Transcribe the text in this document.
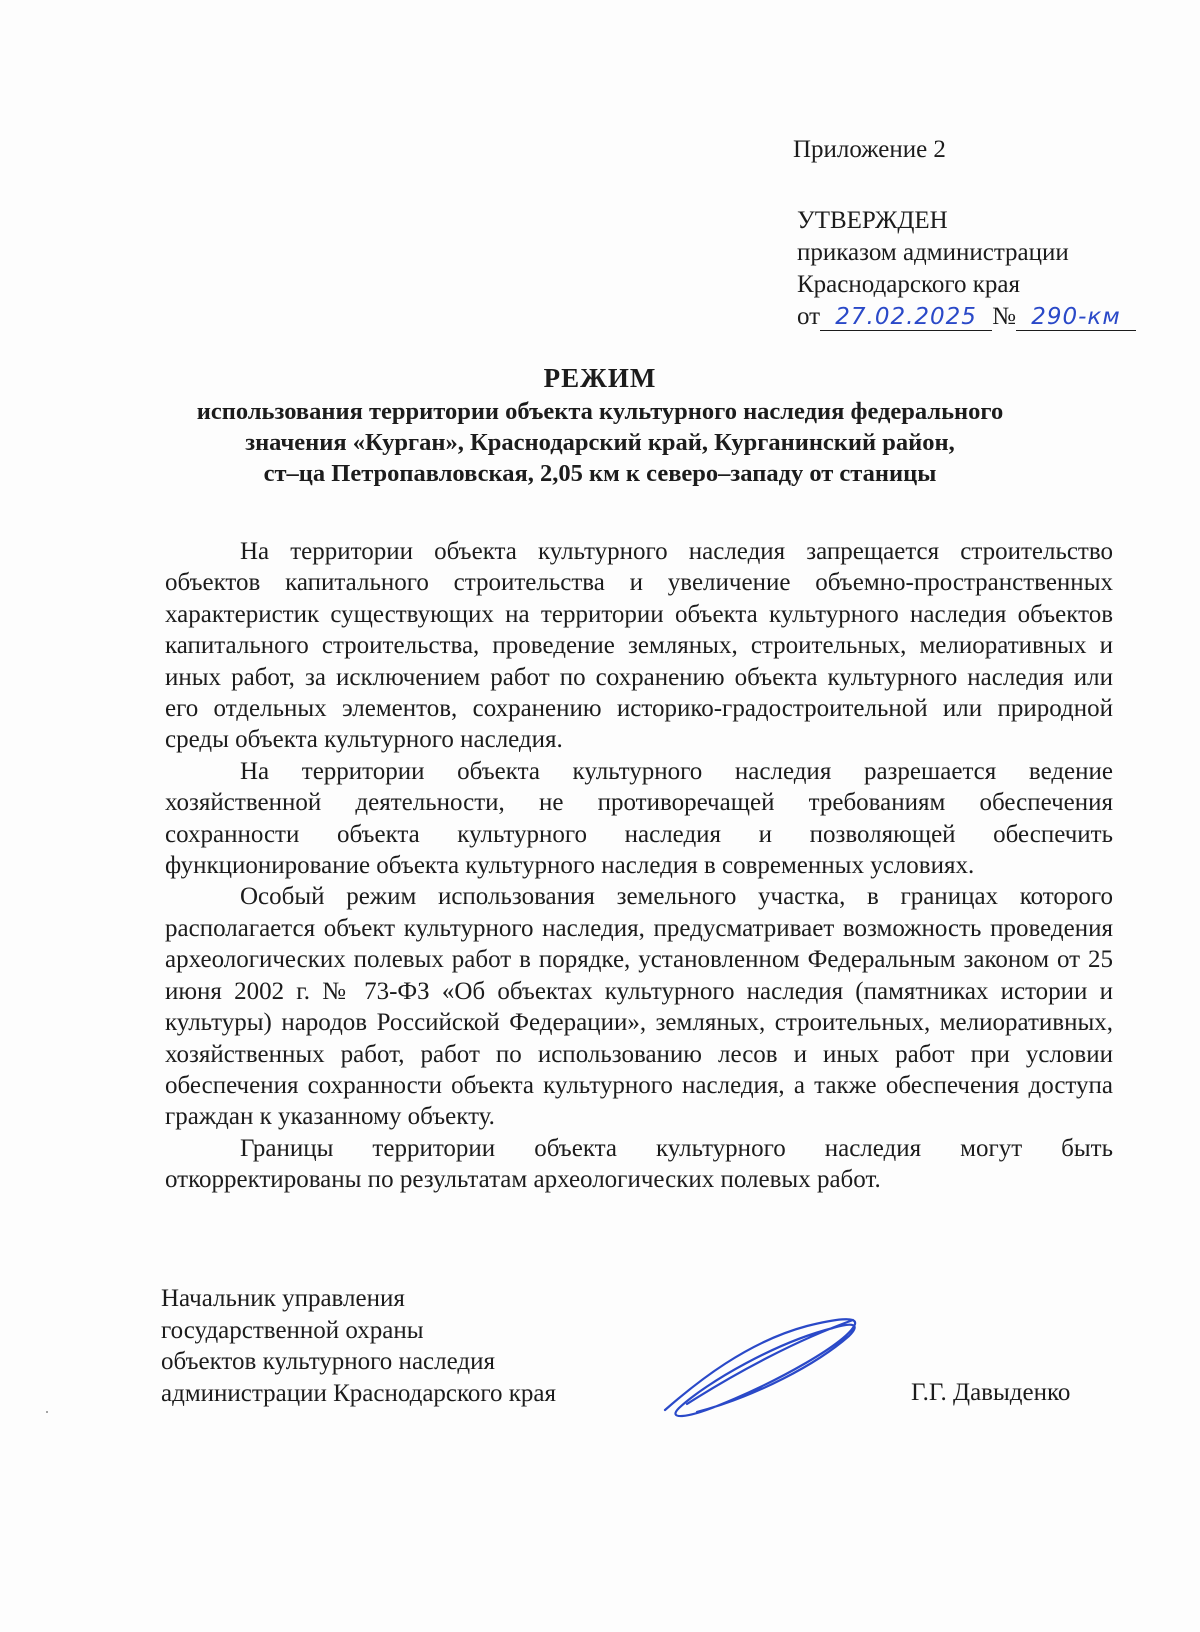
Приложение 2
УТВЕРЖДЕН
приказом администрации
Краснодарского края
от 27.02.2025 № 290-км
РЕЖИМ
использования территории объекта культурного наследия федерального
значения «Курган», Краснодарский край, Курганинский район,
ст–ца Петропавловская, 2,05 км к северо–западу от станицы

На территории объекта культурного наследия запрещается строительство объектов капитального строительства и увеличение объемно-пространственных характеристик существующих на территории объекта культурного наследия объектов капитального строительства, проведение земляных, строительных, мелиоративных и иных работ, за исключением работ по сохранению объекта культурного наследия или его отдельных элементов, сохранению историко-градостроительной или природной среды объекта культурного наследия.

На территории объекта культурного наследия разрешается ведение хозяйственной деятельности, не противоречащей требованиям обеспечения сохранности объекта культурного наследия и позволяющей обеспечить функционирование объекта культурного наследия в современных условиях.

Особый режим использования земельного участка, в границах которого располагается объект культурного наследия, предусматривает возможность проведения археологических полевых работ в порядке, установленном Федеральным законом от 25 июня 2002 г. № 73-ФЗ «Об объектах культурного наследия (памятниках истории и культуры) народов Российской Федерации», земляных, строительных, мелиоративных, хозяйственных работ, работ по использованию лесов и иных работ при условии обеспечения сохранности объекта культурного наследия, а также обеспечения доступа граждан к указанному объекту.

Границы территории объекта культурного наследия могут быть откорректированы по результатам археологических полевых работ.

Начальник управления
государственной охраны
объектов культурного наследия
администрации Краснодарского края	Г.Г. Давыденко
